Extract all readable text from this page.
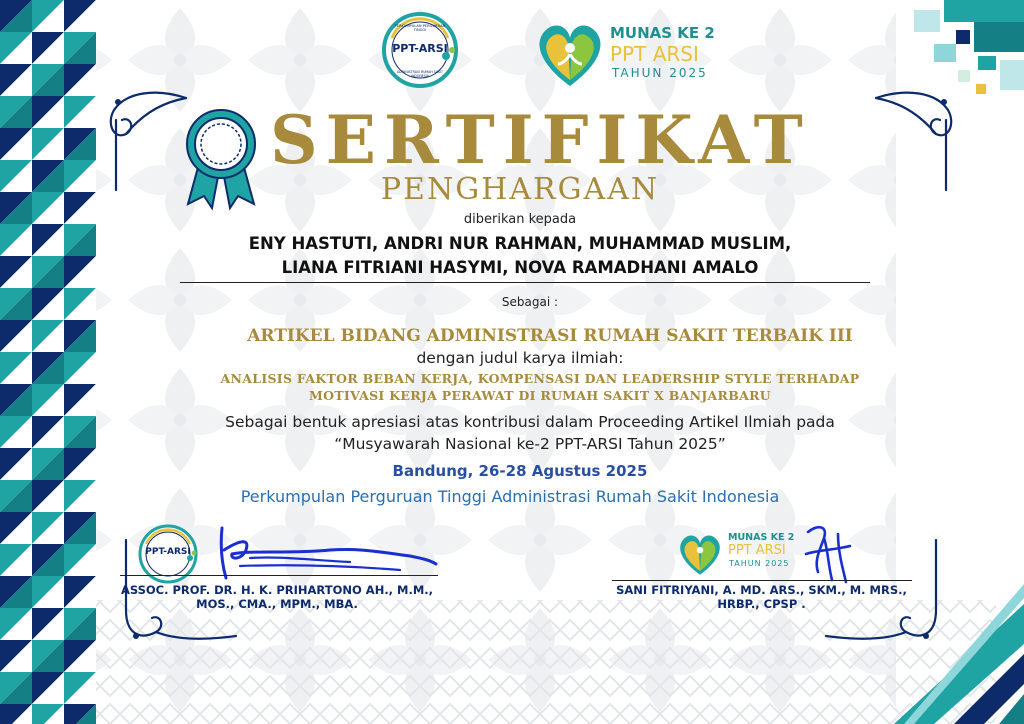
PPT-ARSI
PERKUMPULAN PERGURUAN TINGGI
ADMINISTRASI RUMAH SAKIT INDONESIA
MUNAS KE 2
PPT ARSI
TAHUN 2025
SERTIFIKAT
PENGHARGAAN
diberikan kepada
ENY HASTUTI, ANDRI NUR RAHMAN, MUHAMMAD MUSLIM,
LIANA FITRIANI HASYMI, NOVA RAMADHANI AMALO
Sebagai :
ARTIKEL BIDANG ADMINISTRASI RUMAH SAKIT TERBAIK III
dengan judul karya ilmiah:
ANALISIS FAKTOR BEBAN KERJA, KOMPENSASI DAN LEADERSHIP STYLE TERHADAP
MOTIVASI KERJA PERAWAT DI RUMAH SAKIT X BANJARBARU
Sebagai bentuk apresiasi atas kontribusi dalam Proceeding Artikel Ilmiah pada
“Musyawarah Nasional ke-2 PPT-ARSI Tahun 2025”
Bandung, 26-28 Agustus 2025
Perkumpulan Perguruan Tinggi Administrasi Rumah Sakit Indonesia
PPT-ARSI
ASSOC. PROF. DR. H. K. PRIHARTONO AH., M.M.,
MOS., CMA., MPM., MBA.
MUNAS KE 2
PPT ARSI
TAHUN 2025
SANI FITRIYANI, A. MD. ARS., SKM., M. MRS.,
HRBP., CPSP .
